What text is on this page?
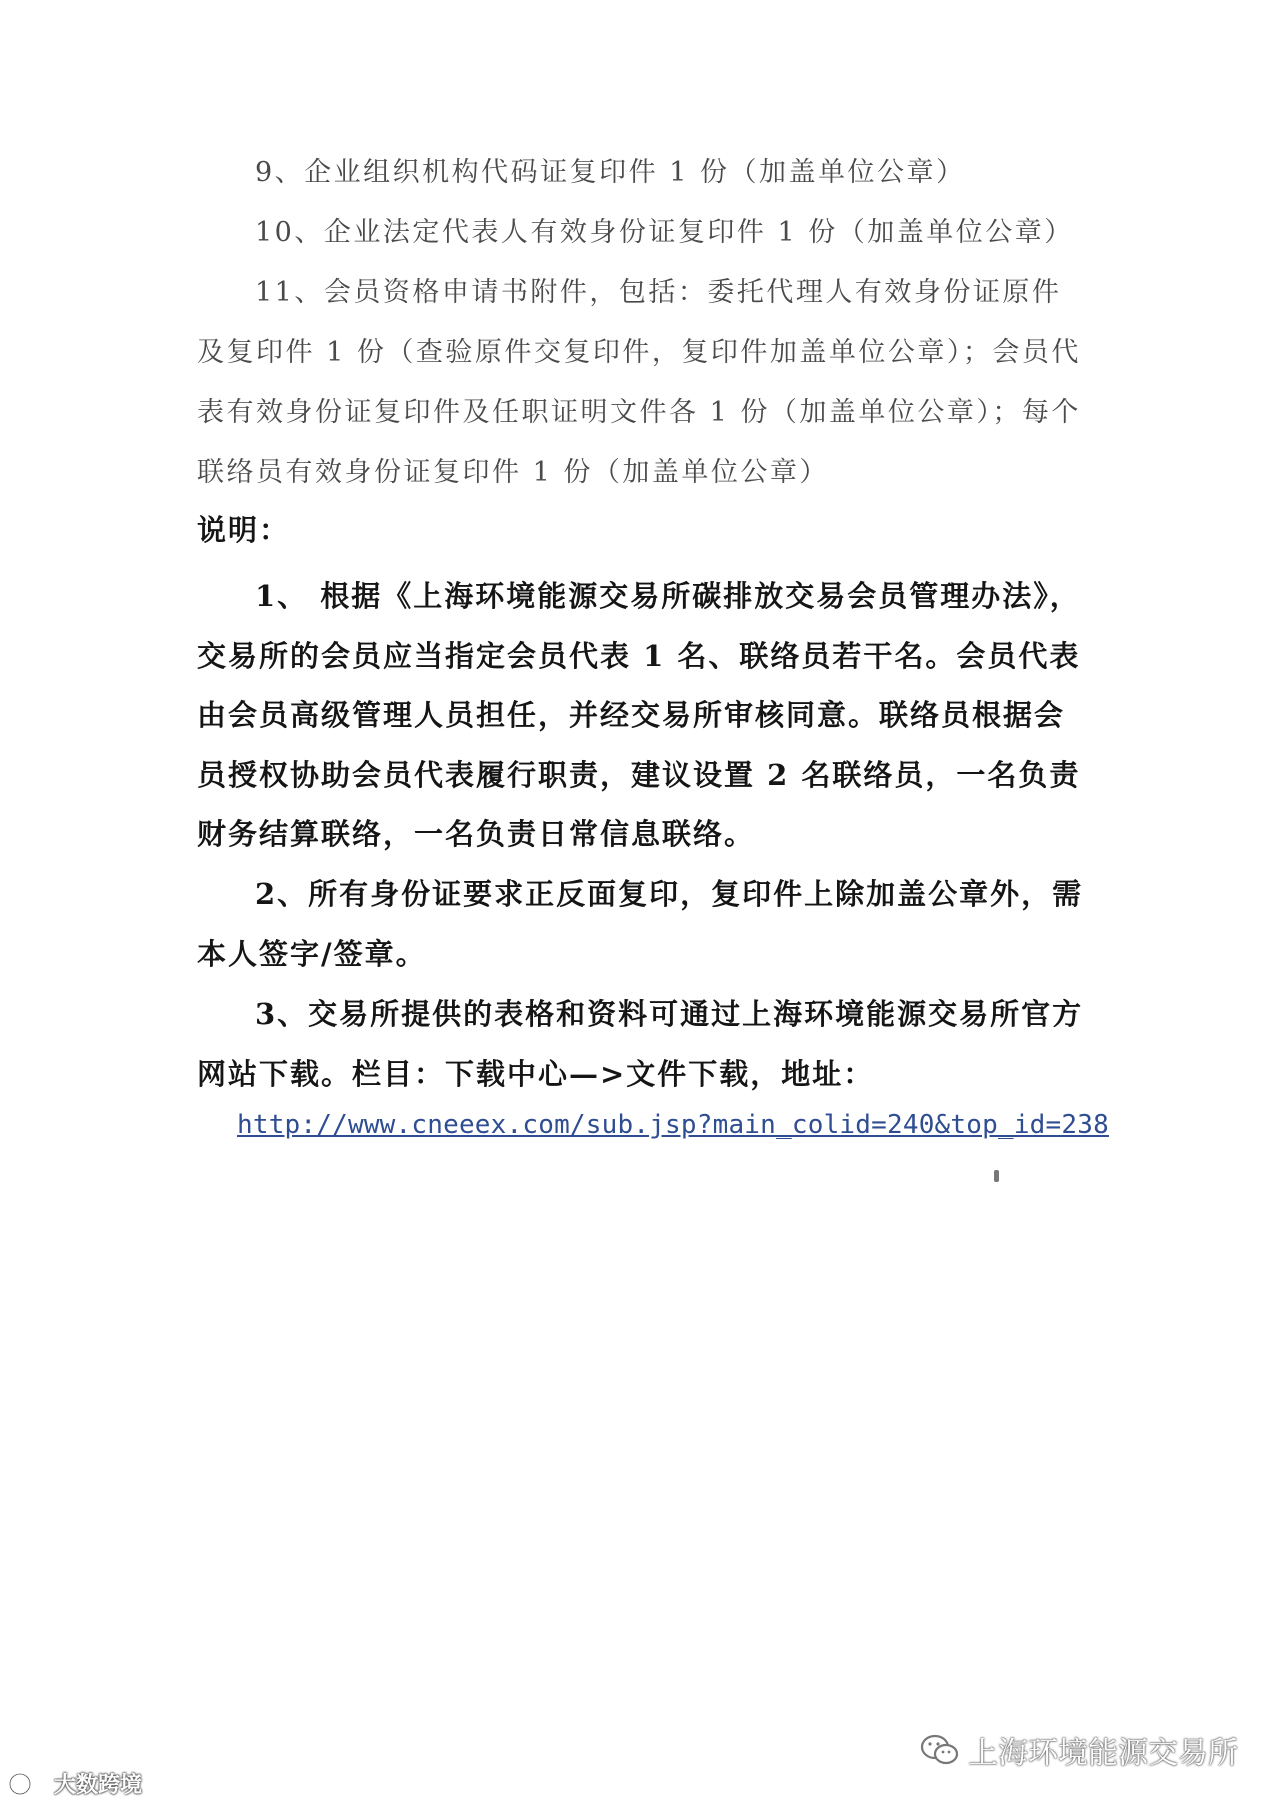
9、企业组织机构代码证复印件 1 份（加盖单位公章）

10、企业法定代表人有效身份证复印件 1 份（加盖单位公章）

11、会员资格申请书附件，包括：委托代理人有效身份证原件及复印件 1 份（查验原件交复印件，复印件加盖单位公章）；会员代表有效身份证复印件及任职证明文件各 1 份（加盖单位公章）；每个联络员有效身份证复印件 1 份（加盖单位公章）

说明：

1、 根据《上海环境能源交易所碳排放交易会员管理办法》，交易所的会员应当指定会员代表 1 名、联络员若干名。会员代表由会员高级管理人员担任，并经交易所审核同意。联络员根据会员授权协助会员代表履行职责，建议设置 2 名联络员，一名负责财务结算联络，一名负责日常信息联络。

2、所有身份证要求正反面复印，复印件上除加盖公章外，需本人签字/签章。

3、交易所提供的表格和资料可通过上海环境能源交易所官方网站下载。栏目：下载中心—>文件下载，地址：

http://www.cneeex.com/sub.jsp?main_colid=240&top_id=238
大数跨境
上海环境能源交易所
